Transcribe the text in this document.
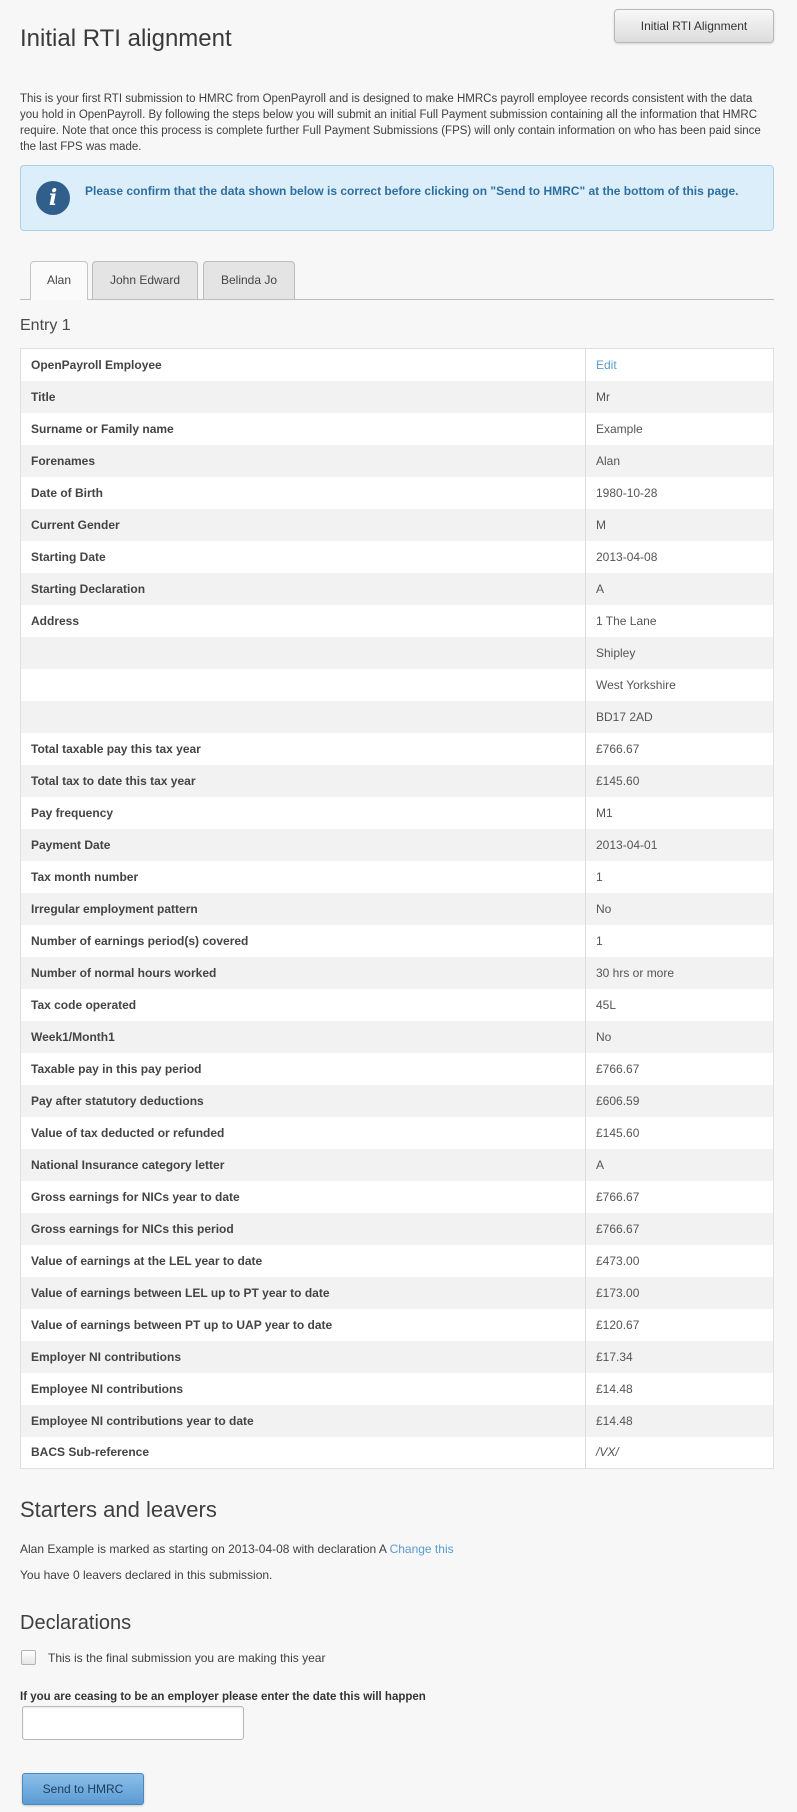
Initial RTI alignment	Initial RTI Alignment

This is your first RTI submission to HMRC from OpenPayroll and is designed to make HMRCs payroll employee records consistent with the data you hold in OpenPayroll. By following the steps below you will submit an initial Full Payment submission containing all the information that HMRC require. Note that once this process is complete further Full Payment Submissions (FPS) will only contain information on who has been paid since the last FPS was made.

i	Please confirm that the data shown below is correct before clicking on "Send to HMRC" at the bottom of this page.
Alan	John Edward	Belinda Jo
Entry 1
OpenPayroll Employee	Edit
Title	Mr
Surname or Family name	Example
Forenames	Alan
Date of Birth	1980-10-28
Current Gender	M
Starting Date	2013-04-08
Starting Declaration	A
Address	1 The Lane
	Shipley
	West Yorkshire
	BD17 2AD
Total taxable pay this tax year	£766.67
Total tax to date this tax year	£145.60
Pay frequency	M1
Payment Date	2013-04-01
Tax month number	1
Irregular employment pattern	No
Number of earnings period(s) covered	1
Number of normal hours worked	30 hrs or more
Tax code operated	45L
Week1/Month1	No
Taxable pay in this pay period	£766.67
Pay after statutory deductions	£606.59
Value of tax deducted or refunded	£145.60
National Insurance category letter	A
Gross earnings for NICs year to date	£766.67
Gross earnings for NICs this period	£766.67
Value of earnings at the LEL year to date	£473.00
Value of earnings between LEL up to PT year to date	£173.00
Value of earnings between PT up to UAP year to date	£120.67
Employer NI contributions	£17.34
Employee NI contributions	£14.48
Employee NI contributions year to date	£14.48
BACS Sub-reference	/VX/
Starters and leavers
Alan Example is marked as starting on 2013-04-08 with declaration A Change this
You have 0 leavers declared in this submission.
Declarations
This is the final submission you are making this year
If you are ceasing to be an employer please enter the date this will happen
Send to HMRC
